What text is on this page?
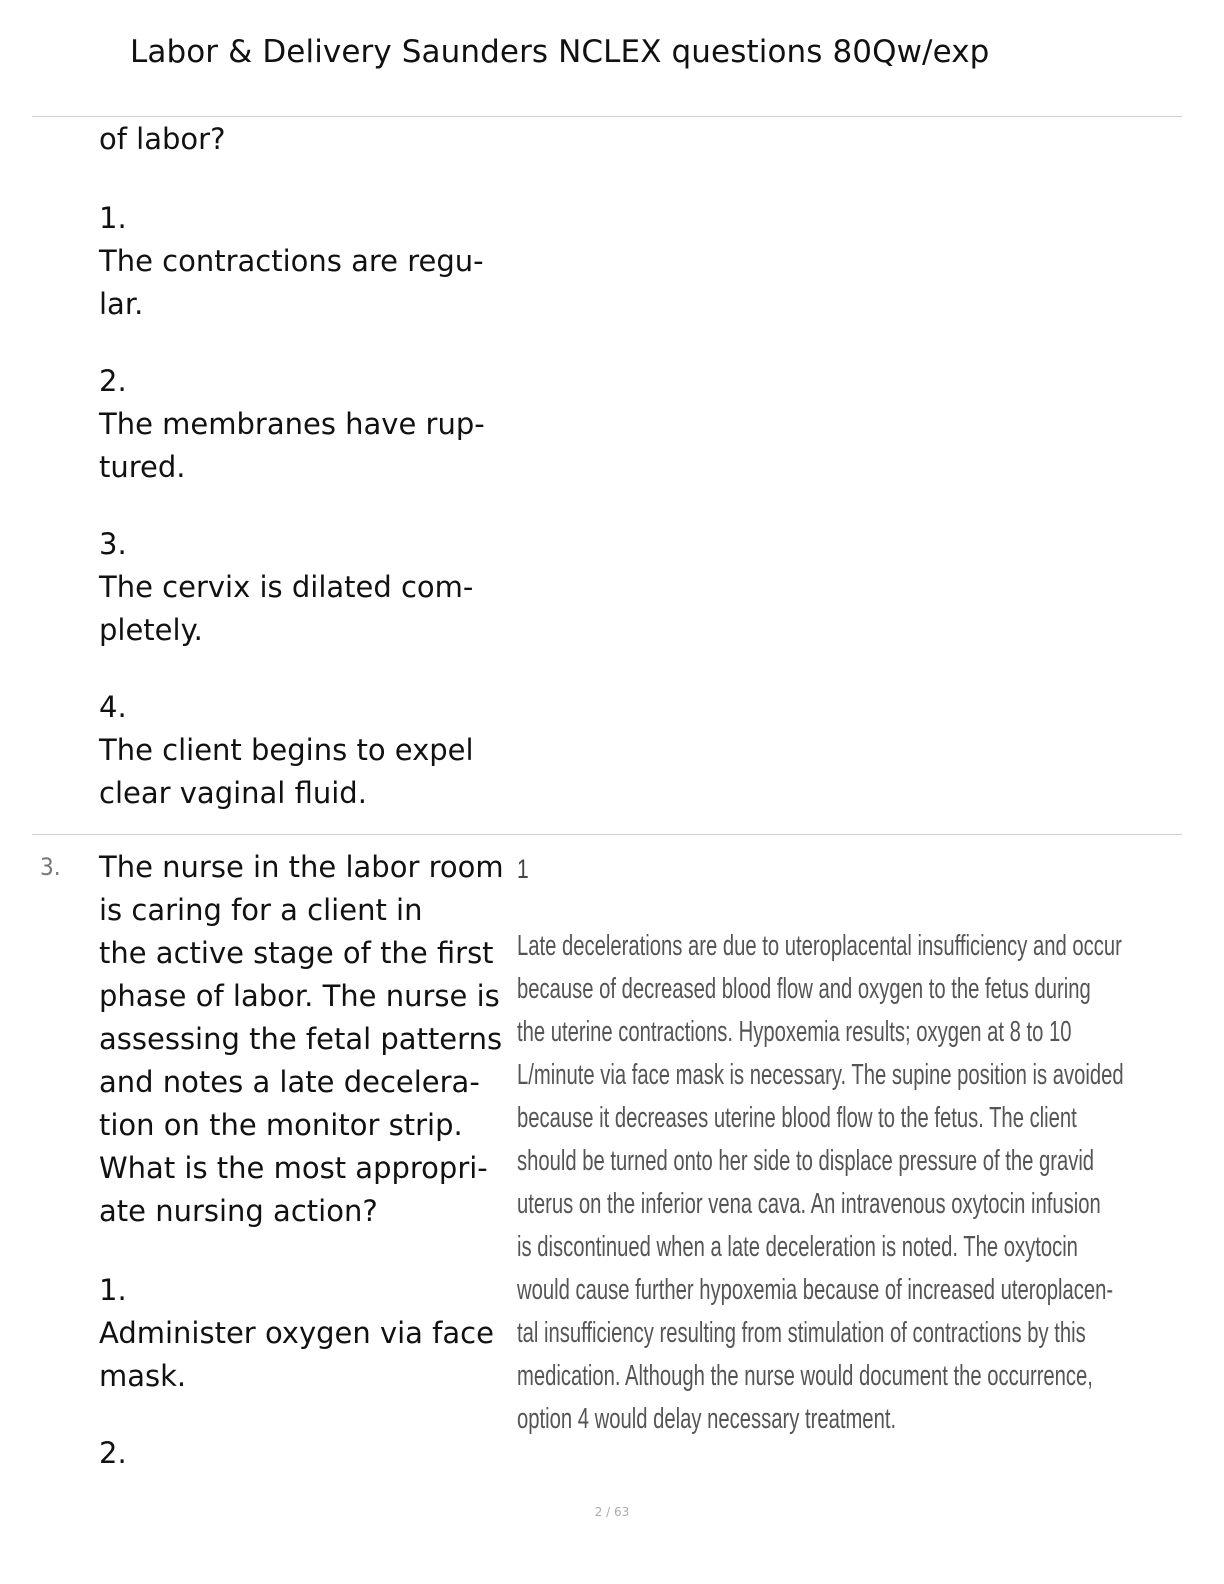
Labor & Delivery Saunders NCLEX questions 80Qw/exp

of labor?

1.
The contractions are regu-
lar.
2.
The membranes have rup-
tured.
3.
The cervix is dilated com-
pletely.
4.
The client begins to expel
clear vaginal fluid.
3. The nurse in the labor room
is caring for a client in
the active stage of the first
phase of labor. The nurse is
assessing the fetal patterns
and notes a late decelera-
tion on the monitor strip.
What is the most appropri-
ate nursing action?
1
Late decelerations are due to uteroplacental insufficiency and occur
because of decreased blood flow and oxygen to the fetus during
the uterine contractions. Hypoxemia results; oxygen at 8 to 10
L/minute via face mask is necessary. The supine position is avoided
because it decreases uterine blood flow to the fetus. The client
should be turned onto her side to displace pressure of the gravid
uterus on the inferior vena cava. An intravenous oxytocin infusion
is discontinued when a late deceleration is noted. The oxytocin
would cause further hypoxemia because of increased uteroplacen-
tal insufficiency resulting from stimulation of contractions by this
medication. Although the nurse would document the occurrence,
option 4 would delay necessary treatment.
1.
Administer oxygen via face
mask.
2.
2 / 63
